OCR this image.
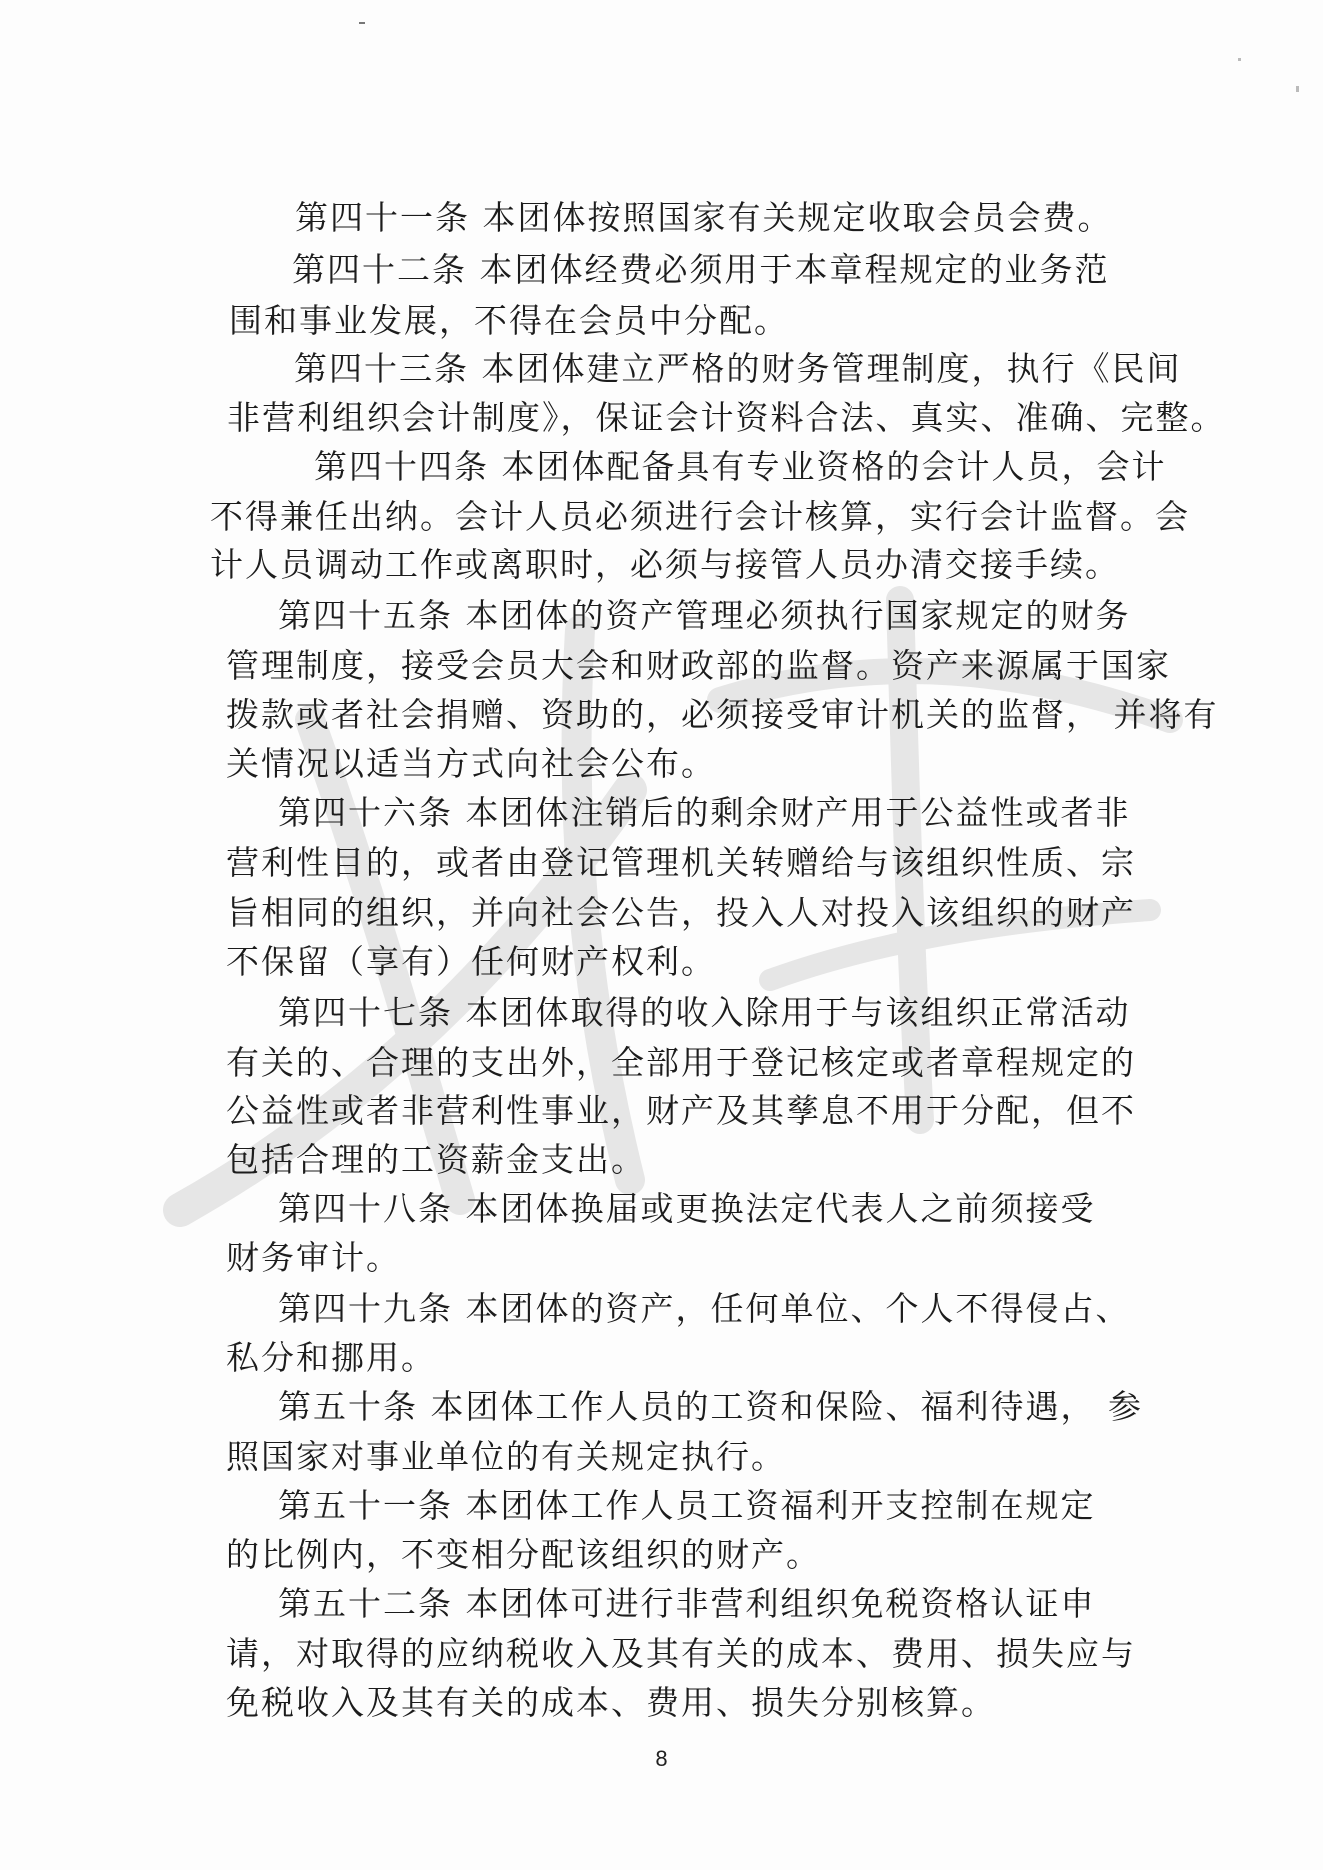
第四十一条 本团体按照国家有关规定收取会员会费。
第四十二条 本团体经费必须用于本章程规定的业务范
围和事业发展，不得在会员中分配。
第四十三条 本团体建立严格的财务管理制度，执行《民间
非营利组织会计制度》，保证会计资料合法、真实、准确、完整。
第四十四条 本团体配备具有专业资格的会计人员，会计
不得兼任出纳。会计人员必须进行会计核算，实行会计监督。会
计人员调动工作或离职时，必须与接管人员办清交接手续。
第四十五条 本团体的资产管理必须执行国家规定的财务
管理制度，接受会员大会和财政部的监督。资产来源属于国家
拨款或者社会捐赠、资助的，必须接受审计机关的监督， 并将有
关情况以适当方式向社会公布。
第四十六条 本团体注销后的剩余财产用于公益性或者非
营利性目的，或者由登记管理机关转赠给与该组织性质、宗
旨相同的组织，并向社会公告，投入人对投入该组织的财产
不保留（享有）任何财产权利。
第四十七条 本团体取得的收入除用于与该组织正常活动
有关的、合理的支出外，全部用于登记核定或者章程规定的
公益性或者非营利性事业，财产及其孳息不用于分配，但不
包括合理的工资薪金支出。
第四十八条 本团体换届或更换法定代表人之前须接受
财务审计。
第四十九条 本团体的资产，任何单位、个人不得侵占、
私分和挪用。
第五十条 本团体工作人员的工资和保险、福利待遇， 参
照国家对事业单位的有关规定执行。
第五十一条 本团体工作人员工资福利开支控制在规定
的比例内，不变相分配该组织的财产。
第五十二条 本团体可进行非营利组织免税资格认证申
请，对取得的应纳税收入及其有关的成本、费用、损失应与
免税收入及其有关的成本、费用、损失分别核算。
8
